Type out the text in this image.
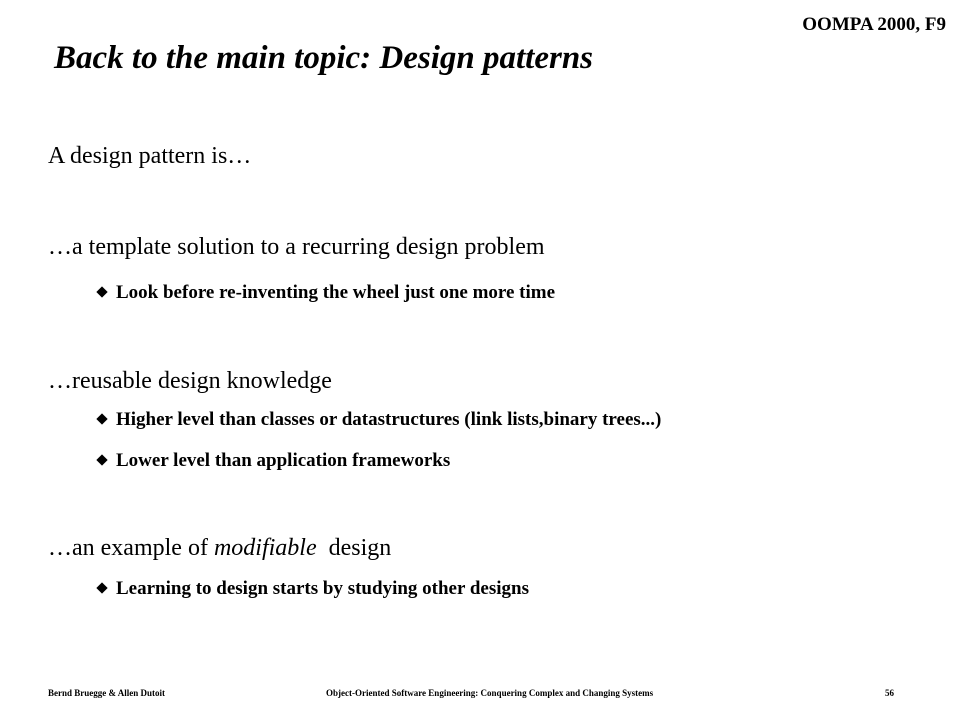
OOMPA 2000, F9
Back to the main topic: Design patterns
A design pattern is…
…a template solution to a recurring design problem
Look before re-inventing the wheel just one more time
…reusable design knowledge
Higher level than classes or datastructures (link lists,binary trees...)
Lower level than application frameworks
…an example of modifiable  design
Learning to design starts by studying other designs
Bernd Bruegge & Allen Dutoit	Object-Oriented Software Engineering: Conquering Complex and Changing Systems	56
